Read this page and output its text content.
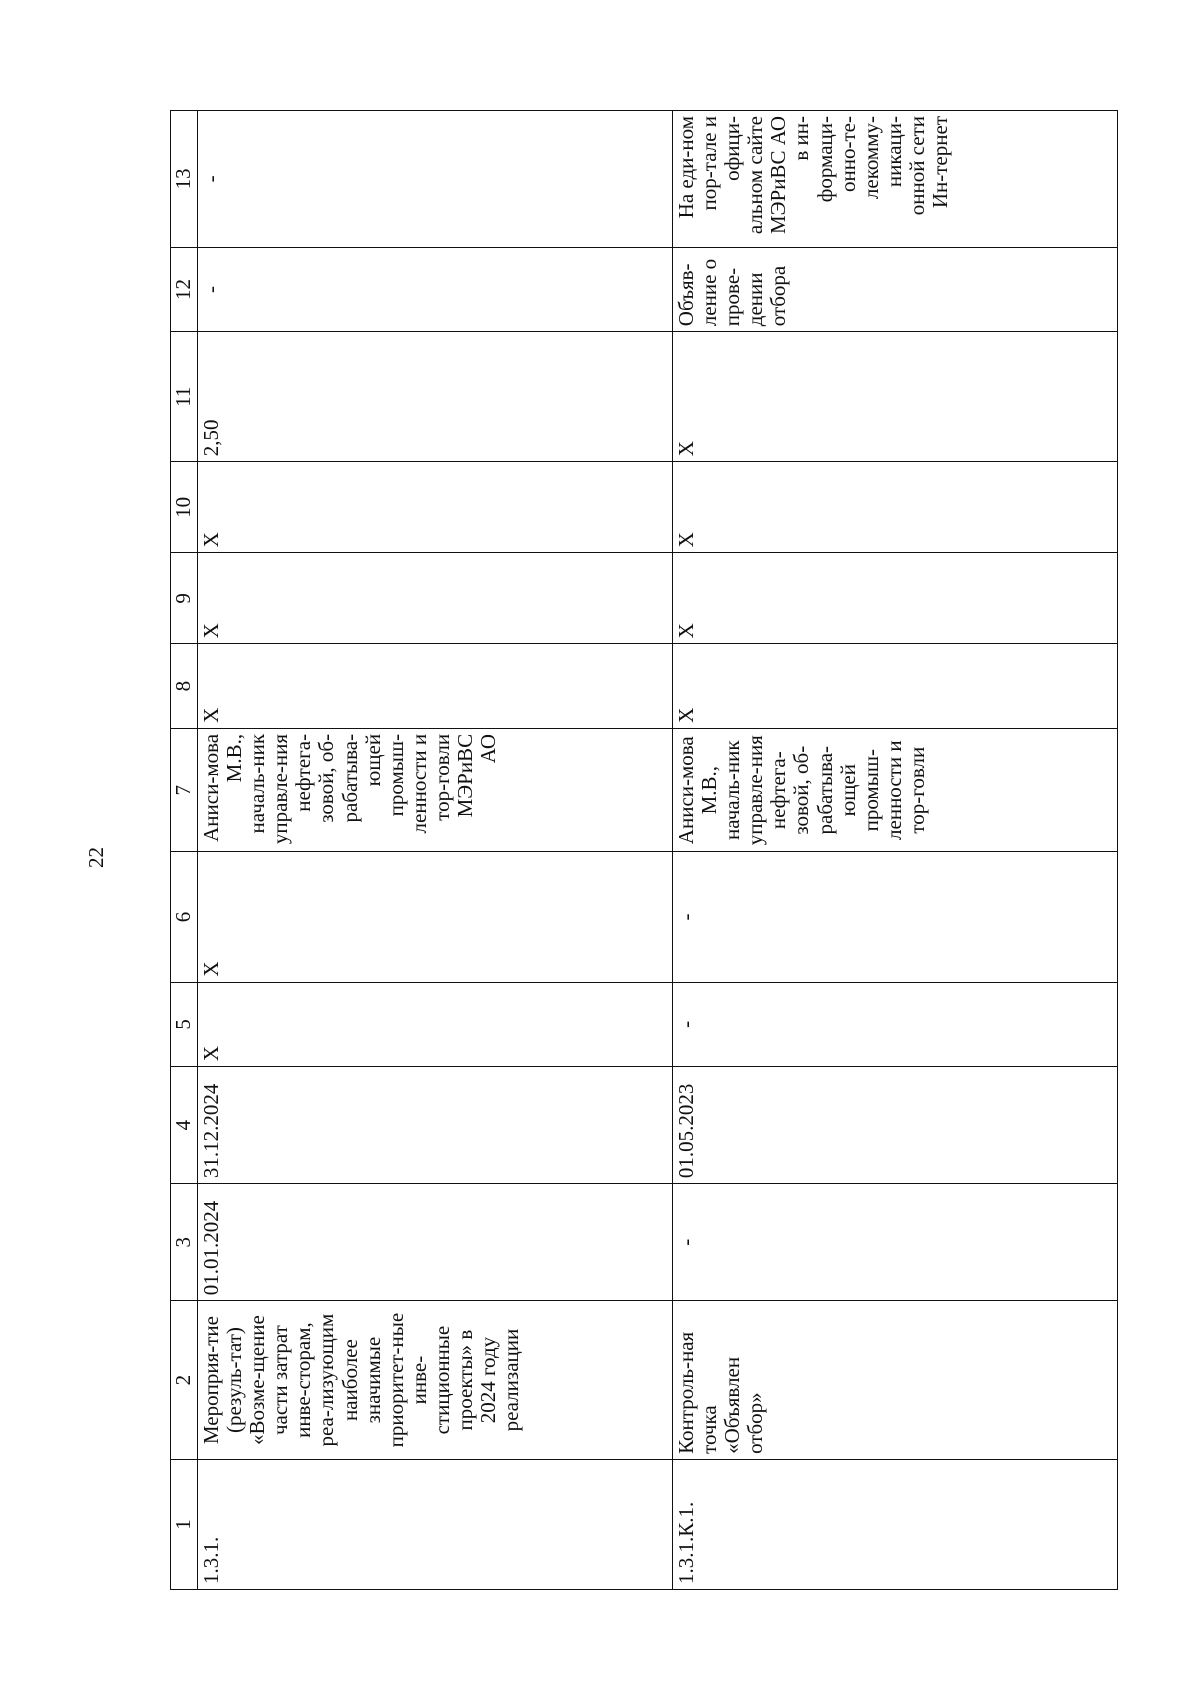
22
1	2	3	4	5	6	7	8	9	10	11	12	13
1.3.1.	Мероприя-тие (резуль-тат) «Возме-щение части затрат инве-сторам, реа-лизующим наиболее значимые приоритет-ные инве-стиционные проекты» в 2024 году реализации	01.01.2024	31.12.2024	Х	Х	Аниси-мова М.В., началь-ник управле-ния нефтега-зовой, об-рабатыва-ющей промыш-ленности и тор-говли МЭРиВС АО	Х	Х	Х	2,50	-	-
1.3.1.К.1.	Контроль-ная точка «Объявлен отбор»	-	01.05.2023	-	-	Аниси-мова М.В., началь-ник управле-ния нефтега-зовой, об-рабатыва-ющей промыш-ленности и тор-говли	Х	Х	Х	Х	Объяв-ление о прове-дении отбора	На еди-ном пор-тале и офици-альном сайте МЭРиВС АО в ин-формаци-онно-те-лекомму-никаци-онной сети Ин-тернет
